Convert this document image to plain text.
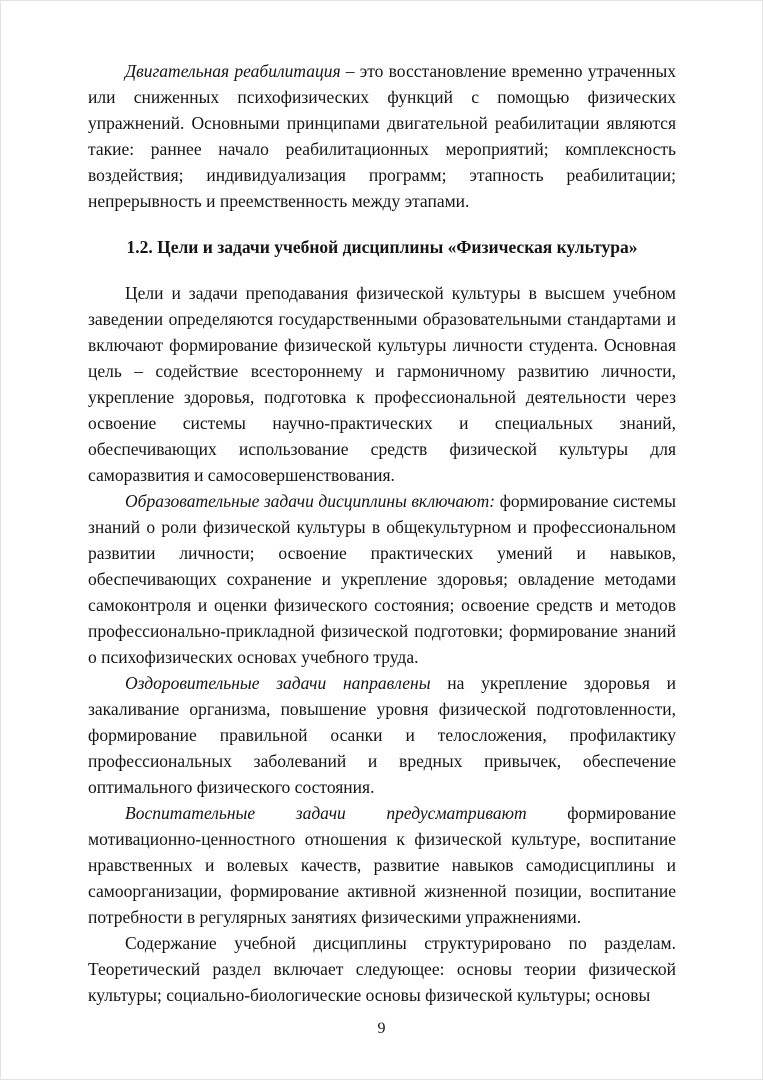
Двигательная реабилитация – это восстановление временно утраченных или сниженных психофизических функций с помощью физических упражнений. Основными принципами двигательной реабилитации являются такие: раннее начало реабилитационных мероприятий; комплексность воздействия; индивидуализация программ; этапность реабилитации; непрерывность и преемственность между этапами.

1.2. Цели и задачи учебной дисциплины «Физическая культура»

Цели и задачи преподавания физической культуры в высшем учебном заведении определяются государственными образовательными стандартами и включают формирование физической культуры личности студента. Основная цель – содействие всестороннему и гармоничному развитию личности, укрепление здоровья, подготовка к профессиональной деятельности через освоение системы научно-практических и специальных знаний, обеспечивающих использование средств физической культуры для саморазвития и самосовершенствования.

Образовательные задачи дисциплины включают: формирование системы знаний о роли физической культуры в общекультурном и профессиональном развитии личности; освоение практических умений и навыков, обеспечивающих сохранение и укрепление здоровья; овладение методами самоконтроля и оценки физического состояния; освоение средств и методов профессионально-прикладной физической подготовки; формирование знаний о психофизических основах учебного труда.

Оздоровительные задачи направлены на укрепление здоровья и закаливание организма, повышение уровня физической подготовленности, формирование правильной осанки и телосложения, профилактику профессиональных заболеваний и вредных привычек, обеспечение оптимального физического состояния.

Воспитательные задачи предусматривают формирование мотивационно-ценностного отношения к физической культуре, воспитание нравственных и волевых качеств, развитие навыков самодисциплины и самоорганизации, формирование активной жизненной позиции, воспитание потребности в регулярных занятиях физическими упражнениями.

Содержание учебной дисциплины структурировано по разделам. Теоретический раздел включает следующее: основы теории физической культуры; социально-биологические основы физической культуры; основы

9
